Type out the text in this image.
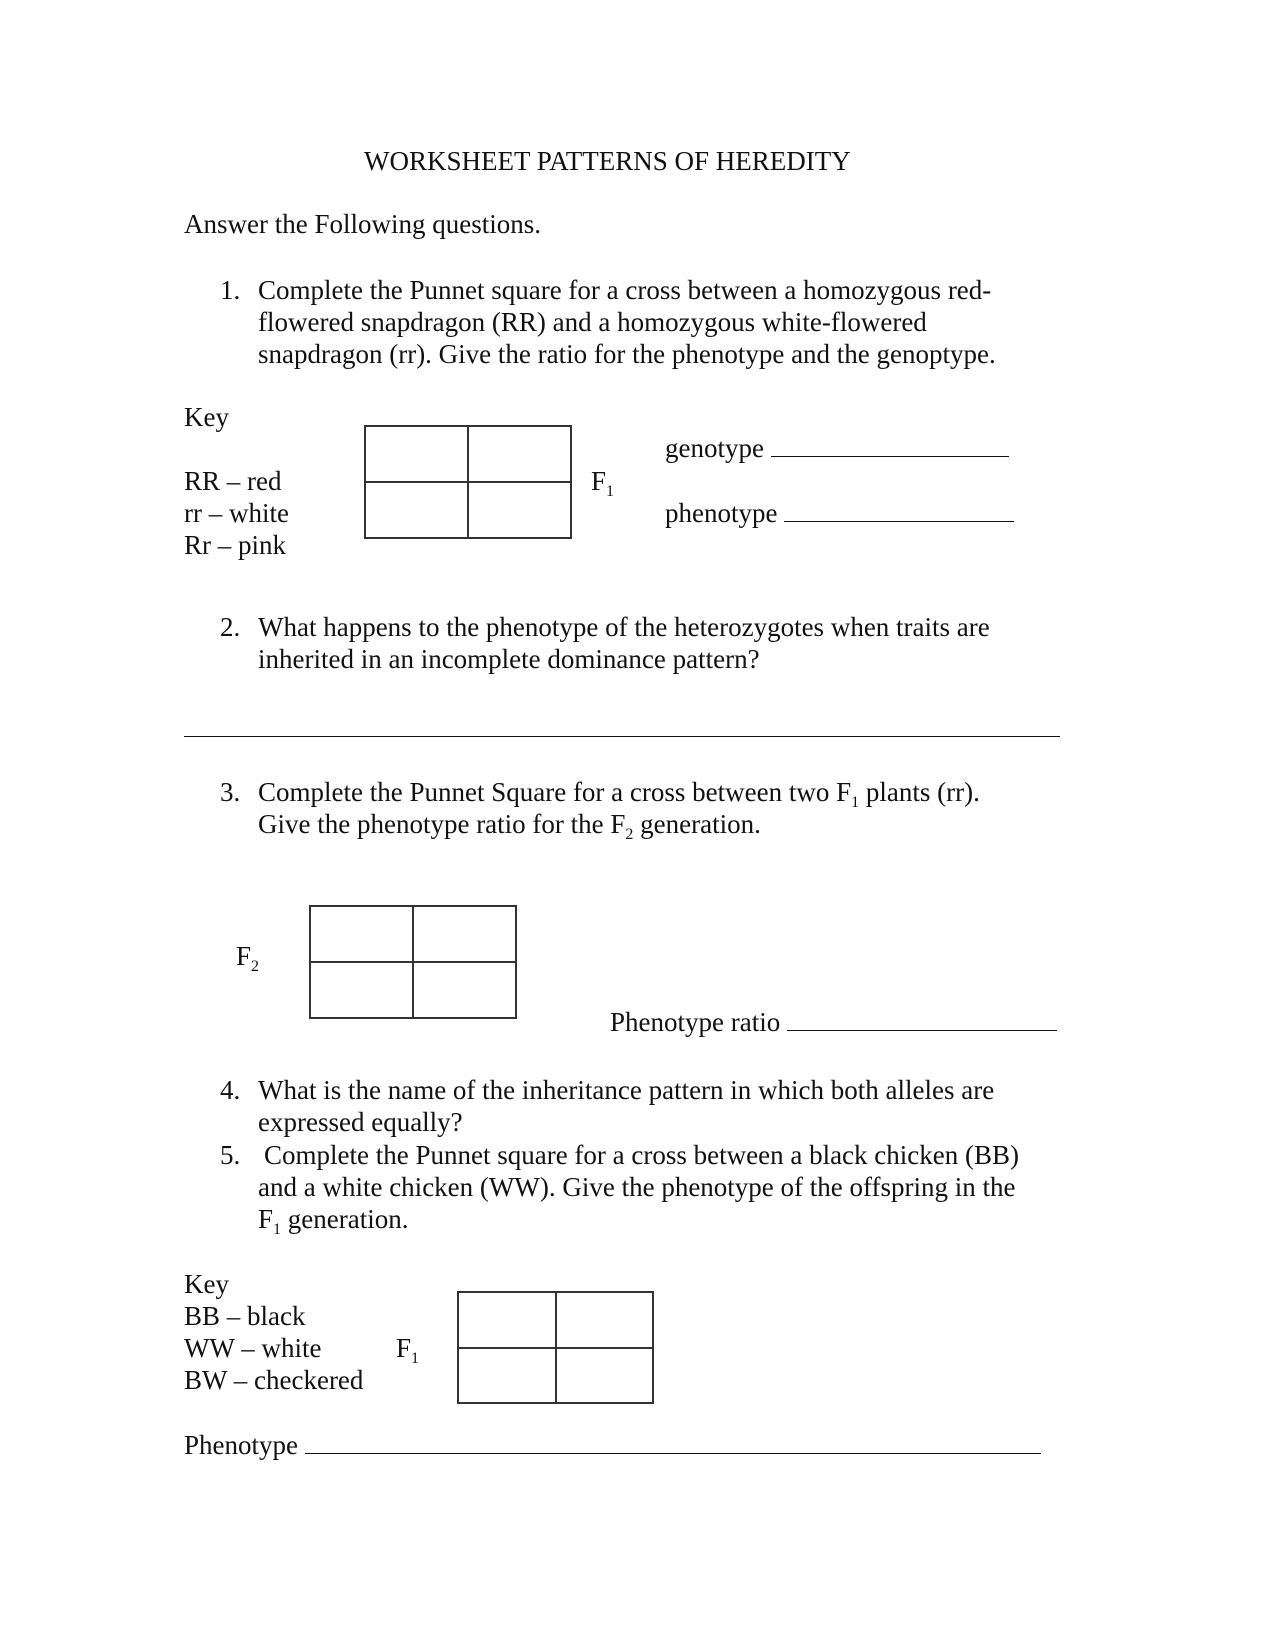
WORKSHEET PATTERNS OF HEREDITY
Answer the Following questions.
1. Complete the Punnet square for a cross between a homozygous red-
flowered snapdragon (RR) and a homozygous white-flowered
snapdragon (rr). Give the ratio for the phenotype and the genoptype.
Key
RR – red
rr – white
Rr – pink
$F_1$
genotype
phenotype
2. What happens to the phenotype of the heterozygotes when traits are
inherited in an incomplete dominance pattern?
3. Complete the Punnet Square for a cross between two $F_1$ plants (rr).
Give the phenotype ratio for the $F_2$ generation.
$F_2$
Phenotype ratio
4. What is the name of the inheritance pattern in which both alleles are
expressed equally?
5. Complete the Punnet square for a cross between a black chicken (BB)
and a white chicken (WW). Give the phenotype of the offspring in the
$F_1$ generation.
Key
BB – black
WW – white
BW – checkered
$F_1$
Phenotype
